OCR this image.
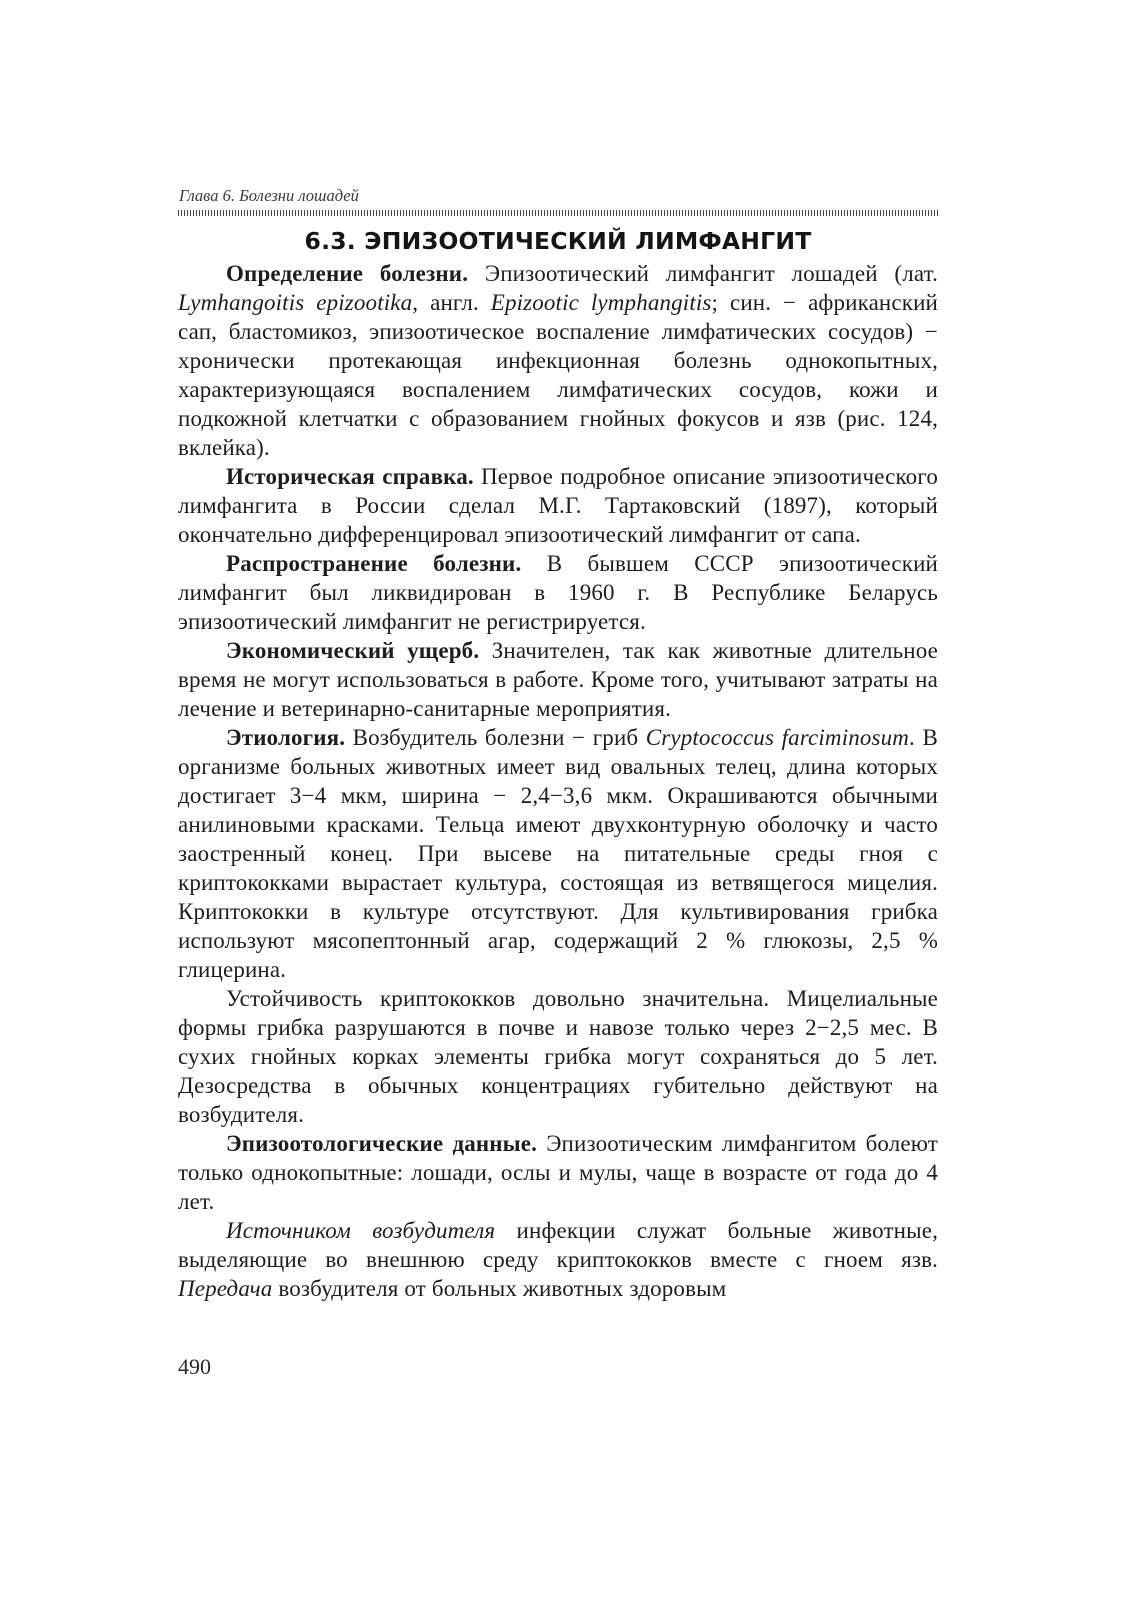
Глава 6. Болезни лошадей

6.3. ЭПИЗООТИЧЕСКИЙ ЛИМФАНГИТ

Определение болезни. Эпизоотический лимфангит лошадей (лат. Lymhangoitis epizootika, англ. Epizootic lymphangitis; син. − африканский сап, бластомикоз, эпизоотическое воспаление лимфатических сосудов) − хронически протекающая инфекционная болезнь однокопытных, характеризующаяся воспалением лимфатических сосудов, кожи и подкожной клетчатки с образованием гнойных фокусов и язв (рис. 124, вклейка).

Историческая справка. Первое подробное описание эпизоотического лимфангита в России сделал М.Г. Тартаковский (1897), который окончательно дифференцировал эпизоотический лимфангит от сапа.

Распространение болезни. В бывшем СССР эпизоотический лимфангит был ликвидирован в 1960 г. В Республике Беларусь эпизоотический лимфангит не регистрируется.

Экономический ущерб. Значителен, так как животные длительное время не могут использоваться в работе. Кроме того, учитывают затраты на лечение и ветеринарно-санитарные мероприятия.

Этиология. Возбудитель болезни − гриб Cryptococcus farciminosum. В организме больных животных имеет вид овальных телец, длина которых достигает 3−4 мкм, ширина − 2,4−3,6 мкм. Окрашиваются обычными анилиновыми красками. Тельца имеют двухконтурную оболочку и часто заостренный конец. При высеве на питательные среды гноя с криптококками вырастает культура, состоящая из ветвящегося мицелия. Криптококки в культуре отсутствуют. Для культивирования грибка используют мясопептонный агар, содержащий 2 % глюкозы, 2,5 % глицерина.

Устойчивость криптококков довольно значительна. Мицелиальные формы грибка разрушаются в почве и навозе только через 2−2,5 мес. В сухих гнойных корках элементы грибка могут сохраняться до 5 лет. Дезосредства в обычных концентрациях губительно действуют на возбудителя.

Эпизоотологические данные. Эпизоотическим лимфангитом болеют только однокопытные: лошади, ослы и мулы, чаще в возрасте от года до 4 лет.

Источником возбудителя инфекции служат больные животные, выделяющие во внешнюю среду криптококков вместе с гноем язв. Передача возбудителя от больных животных здоровым

490
